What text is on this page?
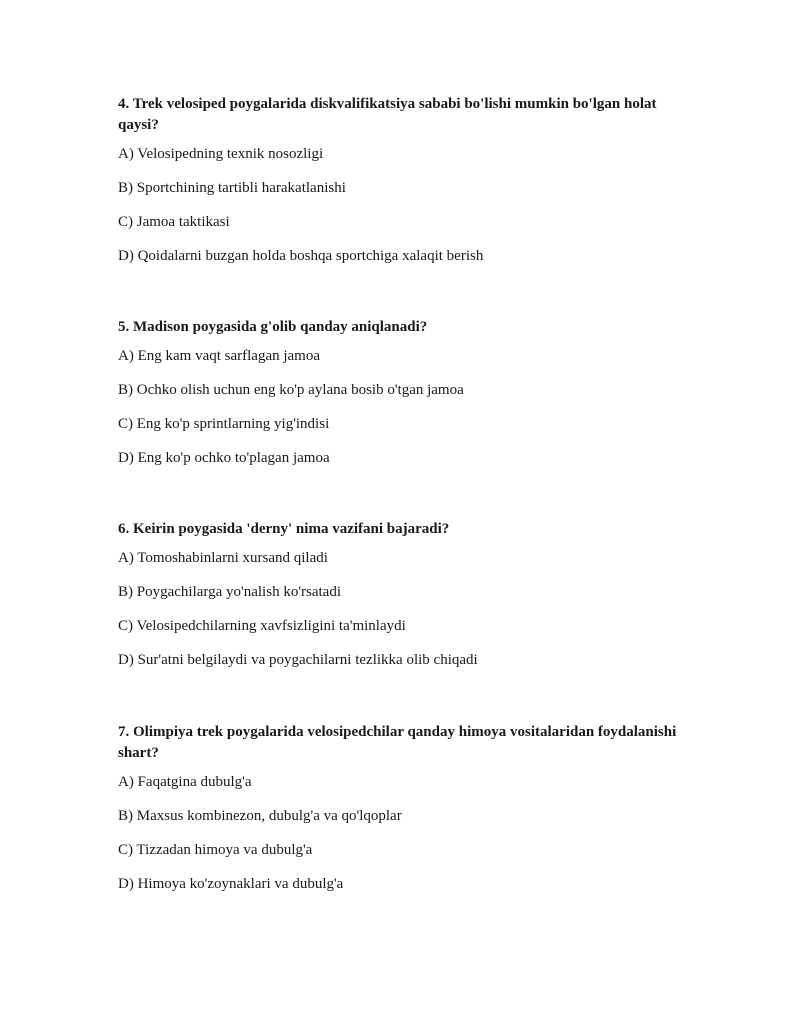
4. Trek velosiped poygalarida diskvalifikatsiya sababi bo'lishi mumkin bo'lgan holat qaysi?

A) Velosipedning texnik nosozligi

B) Sportchining tartibli harakatlanishi

C) Jamoa taktikasi

D) Qoidalarni buzgan holda boshqa sportchiga xalaqit berish

5. Madison poygasida g'olib qanday aniqlanadi?

A) Eng kam vaqt sarflagan jamoa

B) Ochko olish uchun eng ko'p aylana bosib o'tgan jamoa

C) Eng ko'p sprintlarning yig'indisi

D) Eng ko'p ochko to'plagan jamoa

6. Keirin poygasida 'derny' nima vazifani bajaradi?

A) Tomoshabinlarni xursand qiladi

B) Poygachilarga yo'nalish ko'rsatadi

C) Velosipedchilarning xavfsizligini ta'minlaydi

D) Sur'atni belgilaydi va poygachilarni tezlikka olib chiqadi

7. Olimpiya trek poygalarida velosipedchilar qanday himoya vositalaridan foydalanishi shart?

A) Faqatgina dubulg'a

B) Maxsus kombinezon, dubulg'a va qo'lqoplar

C) Tizzadan himoya va dubulg'a

D) Himoya ko'zoynaklari va dubulg'a
